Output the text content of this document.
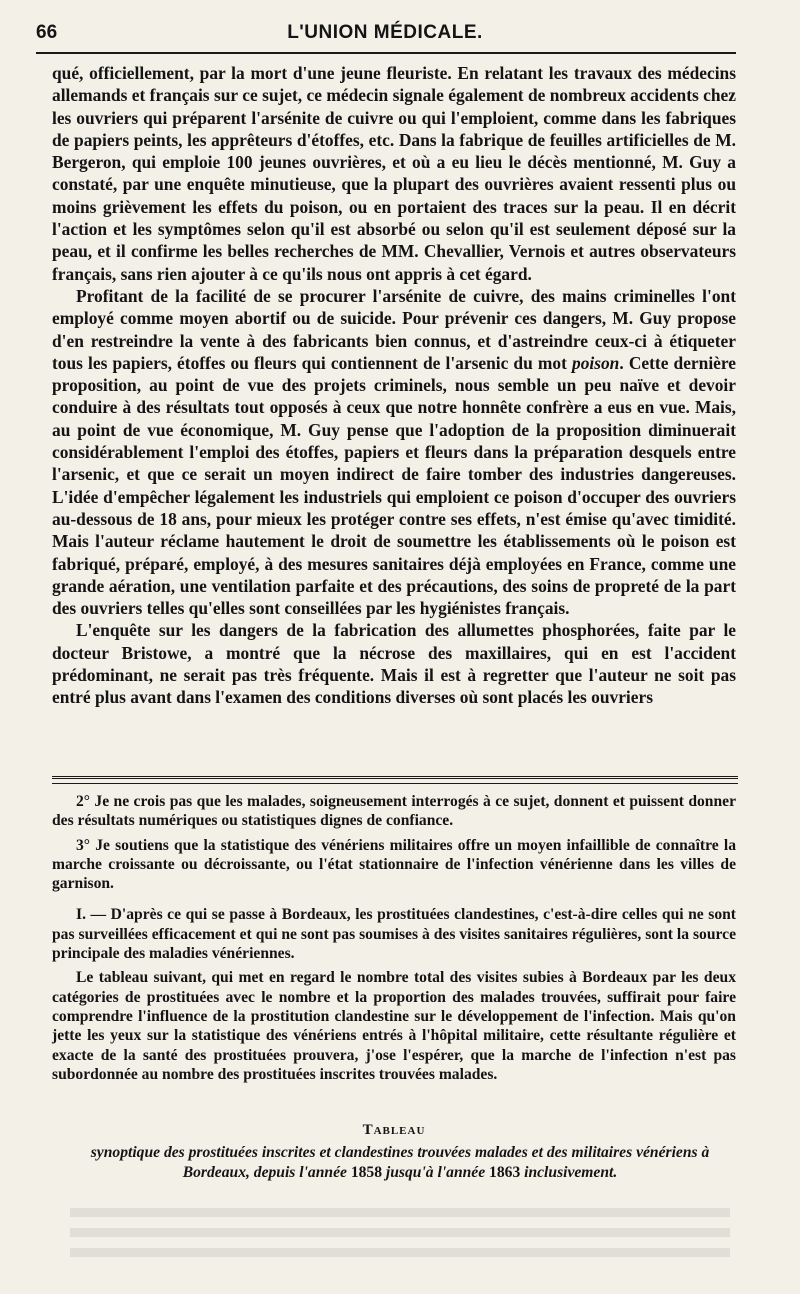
66	L'UNION MÉDICALE.

qué, officiellement, par la mort d'une jeune fleuriste. En relatant les travaux des médecins allemands et français sur ce sujet, ce médecin signale également de nombreux accidents chez les ouvriers qui préparent l'arsénite de cuivre ou qui l'emploient, comme dans les fabriques de papiers peints, les apprêteurs d'étoffes, etc. Dans la fabrique de feuilles artificielles de M. Bergeron, qui emploie 100 jeunes ouvrières, et où a eu lieu le décès mentionné, M. Guy a constaté, par une enquête minutieuse, que la plupart des ouvrières avaient ressenti plus ou moins grièvement les effets du poison, ou en portaient des traces sur la peau. Il en décrit l'action et les symptômes selon qu'il est absorbé ou selon qu'il est seulement déposé sur la peau, et il confirme les belles recherches de MM. Chevallier, Vernois et autres observateurs français, sans rien ajouter à ce qu'ils nous ont appris à cet égard.

Profitant de la facilité de se procurer l'arsénite de cuivre, des mains criminelles l'ont employé comme moyen abortif ou de suicide. Pour prévenir ces dangers, M. Guy propose d'en restreindre la vente à des fabricants bien connus, et d'astreindre ceux-ci à étiqueter tous les papiers, étoffes ou fleurs qui contiennent de l'arsenic du mot poison. Cette dernière proposition, au point de vue des projets criminels, nous semble un peu naïve et devoir conduire à des résultats tout opposés à ceux que notre honnête confrère a eus en vue. Mais, au point de vue économique, M. Guy pense que l'adoption de la proposition diminuerait considérablement l'emploi des étoffes, papiers et fleurs dans la préparation desquels entre l'arsenic, et que ce serait un moyen indirect de faire tomber des industries dangereuses. L'idée d'empêcher légalement les industriels qui emploient ce poison d'occuper des ouvriers au-dessous de 18 ans, pour mieux les protéger contre ses effets, n'est émise qu'avec timidité. Mais l'auteur réclame hautement le droit de soumettre les établissements où le poison est fabriqué, préparé, employé, à des mesures sanitaires déjà employées en France, comme une grande aération, une ventilation parfaite et des précautions, des soins de propreté de la part des ouvriers telles qu'elles sont conseillées par les hygiénistes français.

L'enquête sur les dangers de la fabrication des allumettes phosphorées, faite par le docteur Bristowe, a montré que la nécrose des maxillaires, qui en est l'accident prédominant, ne serait pas très fréquente. Mais il est à regretter que l'auteur ne soit pas entré plus avant dans l'examen des conditions diverses où sont placés les ouvriers

2° Je ne crois pas que les malades, soigneusement interrogés à ce sujet, donnent et puissent donner des résultats numériques ou statistiques dignes de confiance.

3° Je soutiens que la statistique des vénériens militaires offre un moyen infaillible de connaître la marche croissante ou décroissante, ou l'état stationnaire de l'infection vénérienne dans les villes de garnison.

I. — D'après ce qui se passe à Bordeaux, les prostituées clandestines, c'est-à-dire celles qui ne sont pas surveillées efficacement et qui ne sont pas soumises à des visites sanitaires régulières, sont la source principale des maladies vénériennes.

Le tableau suivant, qui met en regard le nombre total des visites subies à Bordeaux par les deux catégories de prostituées avec le nombre et la proportion des malades trouvées, suffirait pour faire comprendre l'influence de la prostitution clandestine sur le développement de l'infection. Mais qu'on jette les yeux sur la statistique des vénériens entrés à l'hôpital militaire, cette résultante régulière et exacte de la santé des prostituées prouvera, j'ose l'espérer, que la marche de l'infection n'est pas subordonnée au nombre des prostituées inscrites trouvées malades.

Tableau
synoptique des prostituées inscrites et clandestines trouvées malades et des militaires vénériens à Bordeaux, depuis l'année 1858 jusqu'à l'année 1863 inclusivement.
